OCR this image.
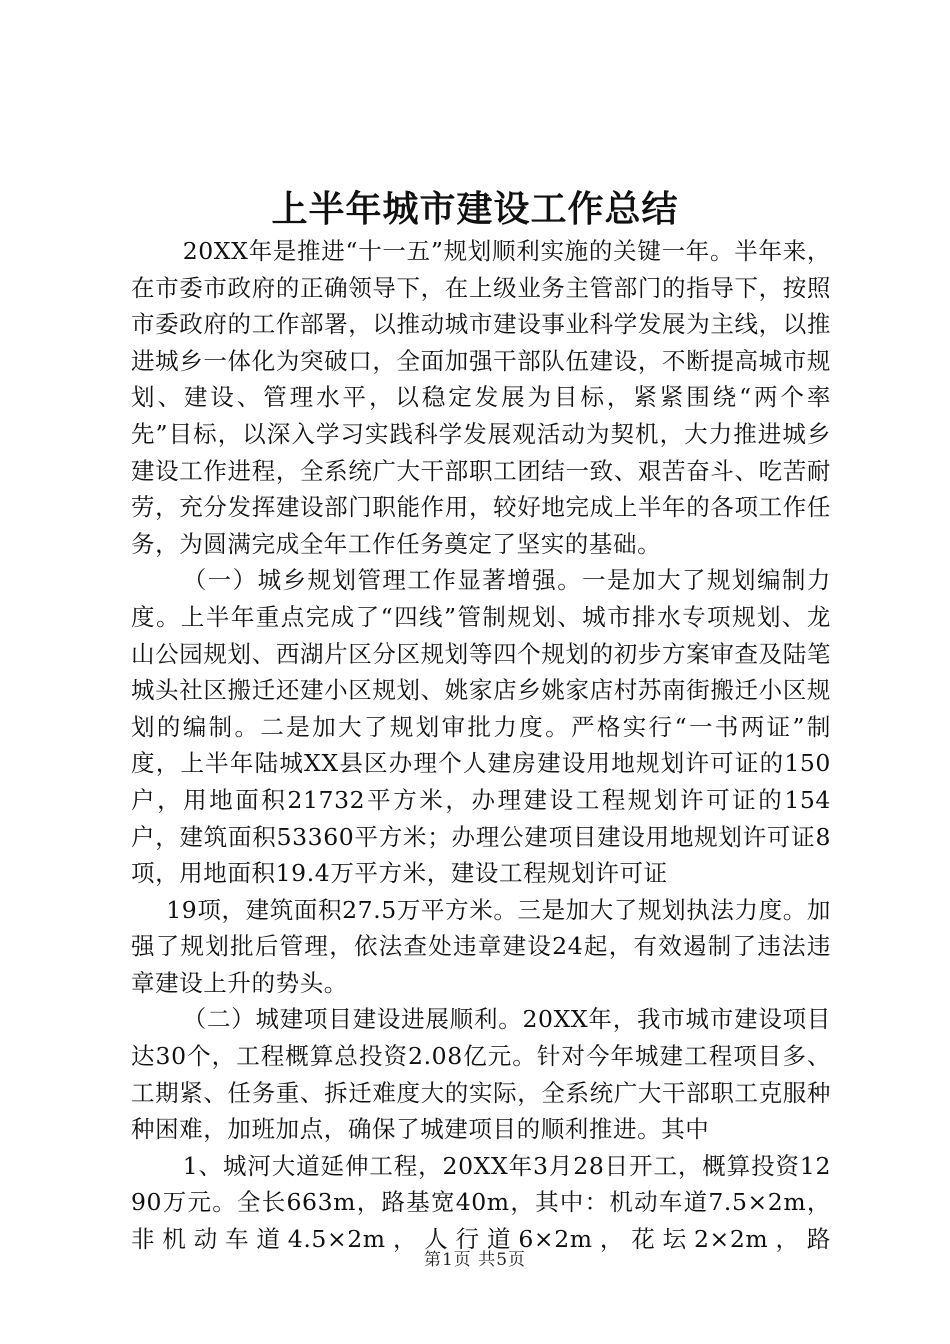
上半年城市建设工作总结

20XX年是推进“十一五”规划顺利实施的关键一年。半年来，在市委市政府的正确领导下，在上级业务主管部门的指导下，按照市委政府的工作部署，以推动城市建设事业科学发展为主线，以推进城乡一体化为突破口，全面加强干部队伍建设，不断提高城市规划、建设、管理水平，以稳定发展为目标，紧紧围绕“两个率先”目标，以深入学习实践科学发展观活动为契机，大力推进城乡建设工作进程，全系统广大干部职工团结一致、艰苦奋斗、吃苦耐劳，充分发挥建设部门职能作用，较好地完成上半年的各项工作任务，为圆满完成全年工作任务奠定了坚实的基础。

（一）城乡规划管理工作显著增强。一是加大了规划编制力度。上半年重点完成了“四线”管制规划、城市排水专项规划、龙山公园规划、西湖片区分区规划等四个规划的初步方案审查及陆笔城头社区搬迁还建小区规划、姚家店乡姚家店村苏南街搬迁小区规划的编制。二是加大了规划审批力度。严格实行“一书两证”制度，上半年陆城XX县区办理个人建房建设用地规划许可证的150户，用地面积21732平方米，办理建设工程规划许可证的154户，建筑面积53360平方米；办理公建项目建设用地规划许可证8项，用地面积19.4万平方米，建设工程规划许可证

19项，建筑面积27.5万平方米。三是加大了规划执法力度。加强了规划批后管理，依法查处违章建设24起，有效遏制了违法违章建设上升的势头。

（二）城建项目建设进展顺利。20XX年，我市城市建设项目达30个，工程概算总投资2.08亿元。针对今年城建工程项目多、工期紧、任务重、拆迁难度大的实际，全系统广大干部职工克服种种困难，加班加点，确保了城建项目的顺利推进。其中

1、城河大道延伸工程，20XX年3月28日开工，概算投资1290万元。全长663m，路基宽40m，其中：机动车道7.5×2m，非机动车道4.5×2m，人行道6×2m，花坛2×2m，路

第1页 共5页
